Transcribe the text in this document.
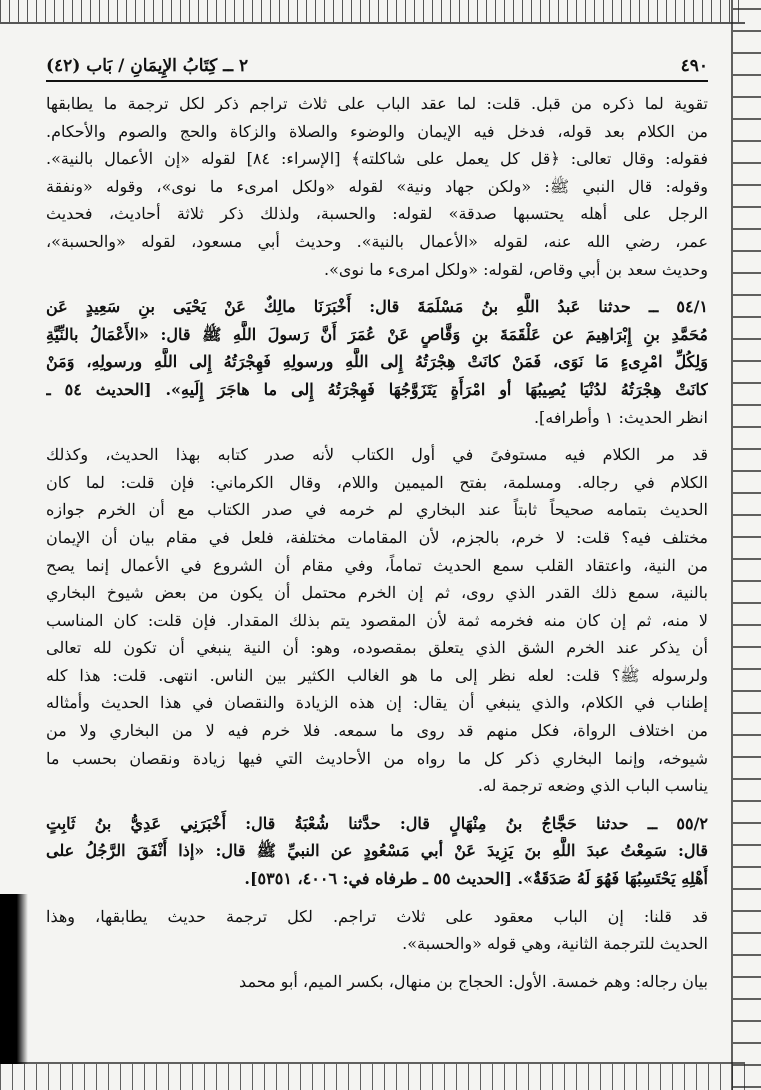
٤٩٠
٢ ــ كِتَابُ الإِيمَانِ / بَاب (٤٢)
تقوية لما ذكره من قبل. قلت: لما عقد الباب على ثلاث تراجم ذكر لكل ترجمة ما يطابقها
من الكلام بعد قوله، فدخل فيه الإيمان والوضوء والصلاة والزكاة والحج والصوم والأحكام.
فقوله: وقال تعالى: ﴿قل كل يعمل على شاكلته﴾ [الإسراء: ٨٤] لقوله «إن الأعمال بالنية».
وقوله: قال النبي ﷺ: «ولكن جهاد ونية» لقوله «ولكل امرىء ما نوى»، وقوله «ونفقة
الرجل على أهله يحتسبها صدقة» لقوله: والحسبة، ولذلك ذكر ثلاثة أحاديث، فحديث
عمر، رضي الله عنه، لقوله «الأعمال بالنية». وحديث أبي مسعود، لقوله «والحسبة»،
وحديث سعد بن أبي وقاص، لقوله: «ولكل امرىء ما نوى».
٥٤/١ ــ حدثنا عَبدُ اللَّهِ بنُ مَسْلَمَةَ قال: أَخْبَرَنَا مالِكٌ عَنْ يَحْيَى بنِ سَعِيدٍ عَن
مُحَمَّدِ بنِ إِبْرَاهِيمَ عن عَلْقَمَةَ بنِ وَقَّاصٍ عَنْ عُمَرَ أَنَّ رَسولَ اللَّهِ ﷺ قال: «الأَعْمَالُ بالنِّيَّةِ
وَلِكُلِّ امْرِىءٍ مَا نَوَى، فَمَنْ كانَتْ هِجْرَتُهُ إِلى اللَّهِ ورسولِهِ فَهِجْرَتُهُ إِلى اللَّهِ ورسولِهِ، وَمَنْ
كانَتْ هِجْرَتُهُ لدُنْيَا يُصِيبُهَا أو امْرَأَةٍ يَتَزَوَّجُهَا فَهِجْرَتُهُ إِلى ما هاجَرَ إِلَيهِ». [الحديث ٥٤ ـ
انظر الحديث: ١ وأطرافه].
قد مر الكلام فيه مستوفىً في أول الكتاب لأنه صدر كتابه بهذا الحديث، وكذلك
الكلام في رجاله. ومسلمة، بفتح الميمين واللام، وقال الكرماني: فإن قلت: لما كان
الحديث بتمامه صحيحاً ثابتاً عند البخاري لم خرمه في صدر الكتاب مع أن الخرم جوازه
مختلف فيه؟ قلت: لا خرم، بالجزم، لأن المقامات مختلفة، فلعل في مقام بيان أن الإيمان
من النية، واعتقاد القلب سمع الحديث تماماً، وفي مقام أن الشروع في الأعمال إنما يصح
بالنية، سمع ذلك القدر الذي روى، ثم إن الخرم محتمل أن يكون من بعض شيوخ البخاري
لا منه، ثم إن كان منه فخرمه ثمة لأن المقصود يتم بذلك المقدار. فإن قلت: كان المناسب
أن يذكر عند الخرم الشق الذي يتعلق بمقصوده، وهو: أن النية ينبغي أن تكون لله تعالى
ولرسوله ﷺ؟ قلت: لعله نظر إلى ما هو الغالب الكثير بين الناس. انتهى. قلت: هذا كله
إطناب في الكلام، والذي ينبغي أن يقال: إن هذه الزيادة والنقصان في هذا الحديث وأمثاله
من اختلاف الرواة، فكل منهم قد روى ما سمعه. فلا خرم فيه لا من البخاري ولا من
شيوخه، وإنما البخاري ذكر كل ما رواه من الأحاديث التي فيها زيادة ونقصان بحسب ما
يناسب الباب الذي وضعه ترجمة له.
٥٥/٢ ــ حدثنا حَجَّاجُ بنُ مِنْهَالٍ قال: حدَّثنا شُعْبَةُ قال: أَخْبَرَنِي عَدِيُّ بنُ ثَابِتٍ
قال: سَمِعْتُ عبدَ اللَّهِ بنَ يَزِيدَ عَنْ أبي مَسْعُودٍ عن النبيِّ ﷺ قال: «إذا أَنْفَقَ الرَّجُلُ على
أَهْلِهِ يَحْتَسِبُهَا فَهُوَ لَهُ صَدَقَةٌ». [الحديث ٥٥ ـ طرفاه في: ٤٠٠٦، ٥٣٥١].
قد قلنا: إن الباب معقود على ثلاث تراجم. لكل ترجمة حديث يطابقها، وهذا
الحديث للترجمة الثانية، وهي قوله «والحسبة».
بيان رجاله: وهم خمسة. الأول: الحجاج بن منهال، بكسر الميم، أبو محمد
